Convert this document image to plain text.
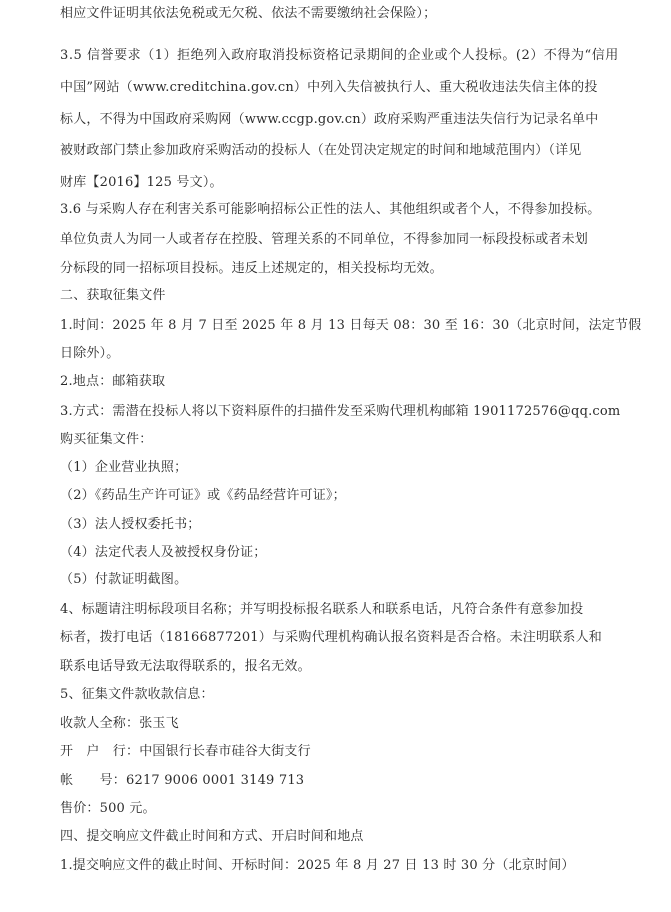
相应文件证明其依法免税或无欠税、依法不需要缴纳社会保险）；
3.5 信誉要求（1）拒绝列入政府取消投标资格记录期间的企业或个人投标。(2）不得为“信用
中国”网站（www.creditchina.gov.cn）中列入失信被执行人、重大税收违法失信主体的投
标人，不得为中国政府采购网（www.ccgp.gov.cn）政府采购严重违法失信行为记录名单中
被财政部门禁止参加政府采购活动的投标人（在处罚决定规定的时间和地域范围内）（详见
财库【2016】125 号文）。
3.6 与采购人存在利害关系可能影响招标公正性的法人、其他组织或者个人，不得参加投标。
单位负责人为同一人或者存在控股、管理关系的不同单位，不得参加同一标段投标或者未划
分标段的同一招标项目投标。违反上述规定的，相关投标均无效。
二、获取征集文件
1.时间：2025 年 8 月 7 日至 2025 年 8 月 13 日每天 08：30 至 16：30（北京时间，法定节假
日除外）。
2.地点：邮箱获取
3.方式：需潜在投标人将以下资料原件的扫描件发至采购代理机构邮箱 1901172576@qq.com
购买征集文件：
（1）企业营业执照；
（2）《药品生产许可证》或《药品经营许可证》；
（3）法人授权委托书；
（4）法定代表人及被授权身份证；
（5）付款证明截图。
4、标题请注明标段项目名称；并写明投标报名联系人和联系电话，凡符合条件有意参加投
标者，拨打电话（18166877201）与采购代理机构确认报名资料是否合格。未注明联系人和
联系电话导致无法取得联系的，报名无效。
5、征集文件款收款信息：
收款人全称：张玉飞
开　户　行：中国银行长春市硅谷大街支行
帐　　号：6217 9006 0001 3149 713
售价：500 元。
四、提交响应文件截止时间和方式、开启时间和地点
1.提交响应文件的截止时间、开标时间：2025 年 8 月 27 日 13 时 30 分（北京时间）
